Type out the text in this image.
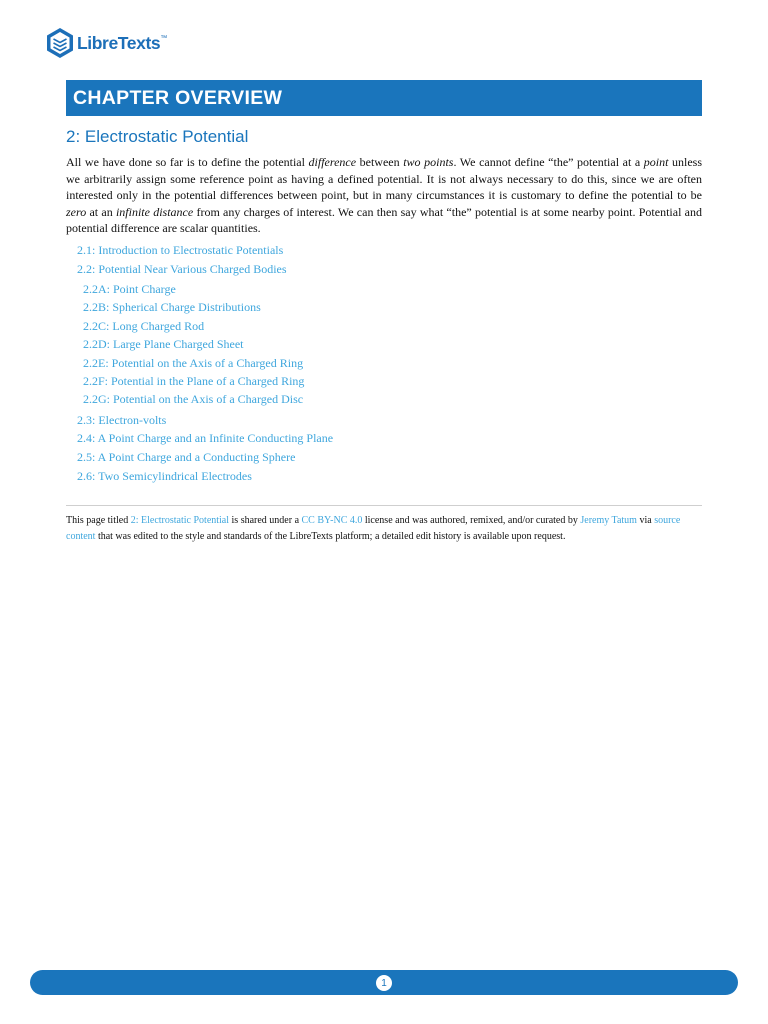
LibreTexts™
CHAPTER OVERVIEW
2: Electrostatic Potential

All we have done so far is to define the potential difference between two points. We cannot define “the” potential at a point unless we arbitrarily assign some reference point as having a defined potential. It is not always necessary to do this, since we are often interested only in the potential differences between point, but in many circumstances it is customary to define the potential to be zero at an infinite distance from any charges of interest. We can then say what “the” potential is at some nearby point. Potential and potential difference are scalar quantities.

2.1: Introduction to Electrostatic Potentials
2.2: Potential Near Various Charged Bodies
2.2A: Point Charge
2.2B: Spherical Charge Distributions
2.2C: Long Charged Rod
2.2D: Large Plane Charged Sheet
2.2E: Potential on the Axis of a Charged Ring
2.2F: Potential in the Plane of a Charged Ring
2.2G: Potential on the Axis of a Charged Disc
2.3: Electron-volts
2.4: A Point Charge and an Infinite Conducting Plane
2.5: A Point Charge and a Conducting Sphere
2.6: Two Semicylindrical Electrodes

This page titled 2: Electrostatic Potential is shared under a CC BY-NC 4.0 license and was authored, remixed, and/or curated by Jeremy Tatum via source content that was edited to the style and standards of the LibreTexts platform; a detailed edit history is available upon request.

1
